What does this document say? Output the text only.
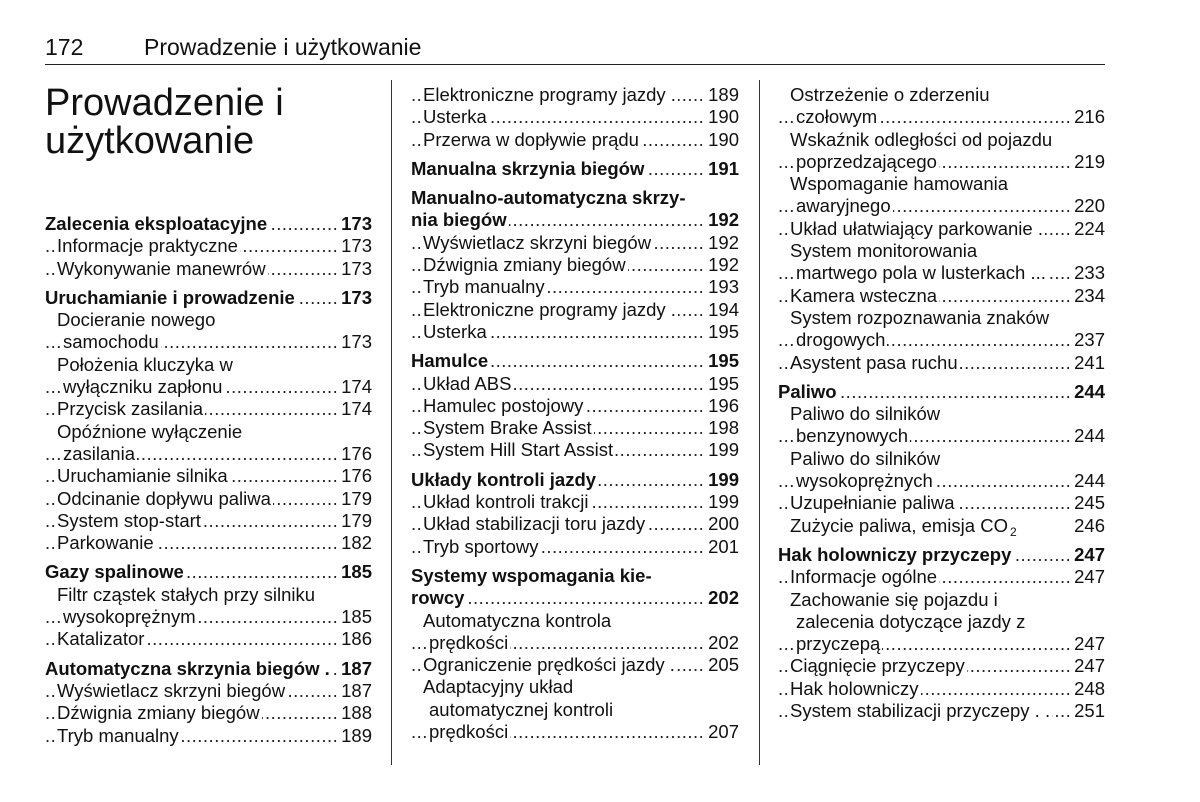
172	Prowadzenie i użytkowanie
Prowadzenie i
użytkowanie
Zalecenia eksploatacyjne	173
.....
Informacje praktyczne	173
.....
Wykonywanie manewrów	173
.....
Uruchamianie i prowadzenie	173
.....
Docieranie nowego
samochodu	173
.....
Położenia kluczyka w
wyłączniku zapłonu	174
.....
Przycisk zasilania	174
.....
Opóźnione wyłączenie
zasilania	176
.....
Uruchamianie silnika	176
.....
Odcinanie dopływu paliwa	179
.....
System stop-start	179
.....
Parkowanie	182
.....
Gazy spalinowe	185
.....
Filtr cząstek stałych przy silniku
wysokoprężnym	185
.....
Katalizator	186
.....
Automatyczna skrzynia biegów . 187
.....
Wyświetlacz skrzyni biegów	187
.....
Dźwignia zmiany biegów	188
.....
Tryb manualny	189
.....
Elektroniczne programy jazdy . 189
.....
Usterka	190
.....
Przerwa w dopływie prądu	190
.....
Manualna skrzynia biegów	191
.....
Manualno-automatyczna skrzy-
nia biegów	192
.....
Wyświetlacz skrzyni biegów	192
.....
Dźwignia zmiany biegów	192
.....
Tryb manualny	193
.....
Elektroniczne programy jazdy . 194
.....
Usterka	195
.....
Hamulce	195
.....
Układ ABS	195
.....
Hamulec postojowy	196
.....
System Brake Assist	198
.....
System Hill Start Assist	199
.....
Układy kontroli jazdy	199
.....
Układ kontroli trakcji	199
.....
Układ stabilizacji toru jazdy	200
.....
Tryb sportowy	201
.....
Systemy wspomagania kie-
rowcy	202
.....
Automatyczna kontrola
prędkości	202
.....
Ograniczenie prędkości jazdy . 205
.....
Adaptacyjny układ
automatycznej kontroli
prędkości	207
.....
Ostrzeżenie o zderzeniu
czołowym	216
.....
Wskaźnik odległości od pojazdu
poprzedzającego	219
.....
Wspomaganie hamowania
awaryjnego	220
.....
Układ ułatwiający parkowanie . 224
.....
System monitorowania
martwego pola w lusterkach ... 233
.....
Kamera wsteczna	234
.....
System rozpoznawania znaków
drogowych	237
.....
Asystent pasa ruchu	241
.....
Paliwo	244
.....
Paliwo do silników
benzynowych	244
.....
Paliwo do silników
wysokoprężnych	244
.....
Uzupełnianie paliwa	245
.....
Zużycie paliwa, emisja CO $_2$	246
Hak holowniczy przyczepy	247
.....
Informacje ogólne	247
.....
Zachowanie się pojazdu i
zalecenia dotyczące jazdy z
przyczepą	247
.....
Ciągnięcie przyczepy	247
.....
Hak holowniczy	248
.....
System stabilizacji przyczepy . . 251
.....
